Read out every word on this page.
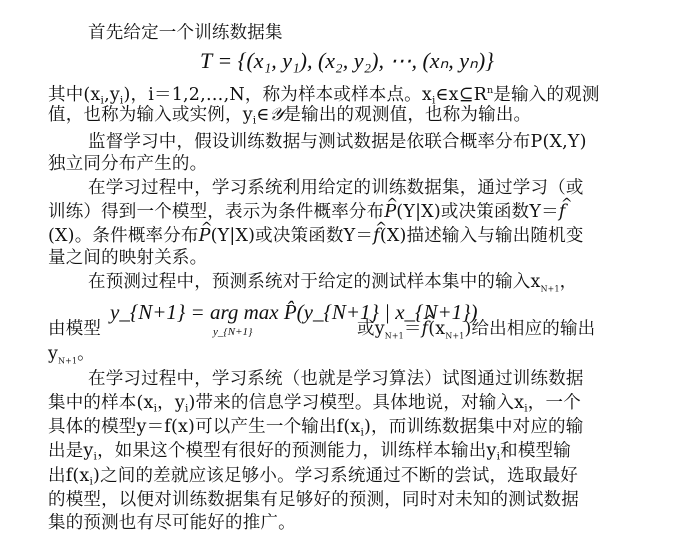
首先给定一个训练数据集
T = {(x₁, y₁), (x₂, y₂), ⋯, (xₙ, yₙ)}
其中$(x_i,y_i)$，i＝1,2,…,N，称为样本或样本点。$x_i\in x⊆R^n$是输入的观测
值，也称为输入或实例，$y_i\in 𝒴$是输出的观测值，也称为输出。
监督学习中，假设训练数据与测试数据是依联合概率分布P(X,Y)
独立同分布产生的。
在学习过程中，学习系统利用给定的训练数据集，通过学习（或
训练）得到一个模型，表示为条件概率分布^ P(Y|X)或决策函数Y＝^ f
(X)。条件概率分布^ P(Y|X)或决策函数Y＝^ f(X)描述输入与输出随机变
量之间的映射关系。
在预测过程中，预测系统对于给定的测试样本集中的输入$x_{N+1}$，
y_{N+1} = arg max P̂(y_{N+1} | x_{N+1})
y_{N+1}
由模型	或$y_{N+1}=\^{}$ $f(x_{N+1})$给出相应的输出
$y_{N+1}$。
在学习过程中，学习系统（也就是学习算法）试图通过训练数据
集中的样本($x_i$，$y_i$)带来的信息学习模型。具体地说，对输入$x_i$，一个
具体的模型y＝f(x)可以产生一个输出$f(x_i)$，而训练数据集中对应的输
出是$y_i$，如果这个模型有很好的预测能力，训练样本输出$y_i$和模型输
出$f(x_i)$之间的差就应该足够小。学习系统通过不断的尝试，选取最好
的模型，以便对训练数据集有足够好的预测，同时对未知的测试数据
集的预测也有尽可能好的推广。
